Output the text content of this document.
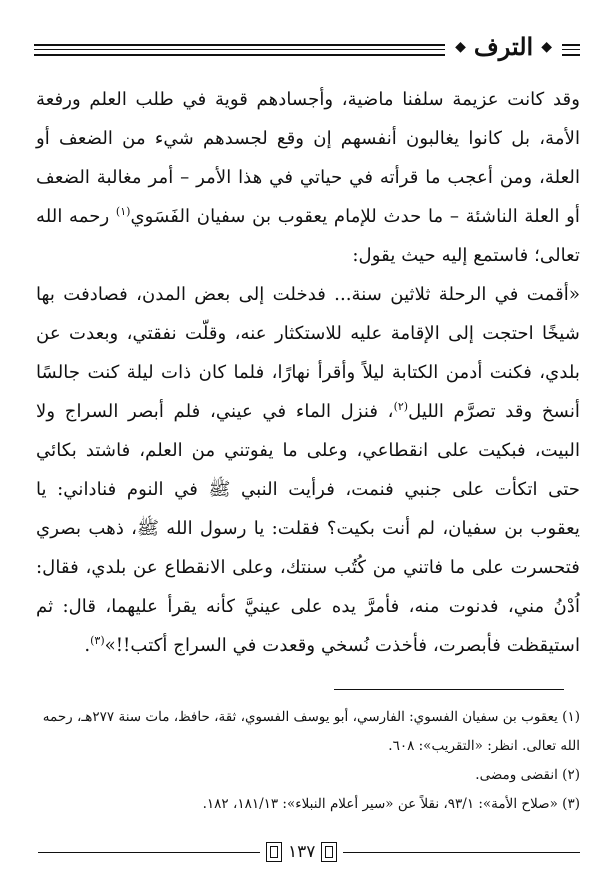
◆
الترف
◆

وقد كانت عزيمة سلفنا ماضية، وأجسادهم قوية في طلب العلم ورفعة الأمة، بل كانوا يغالبون أنفسهم إن وقع لجسدهم شيء من الضعف أو العلة، ومن أعجب ما قرأته في حياتي في هذا الأمر – أمر مغالبة الضعف أو العلة الناشئة – ما حدث للإمام يعقوب بن سفيان الفَسَوي$^{(١)}$ رحمه الله تعالى؛ فاستمع إليه حيث يقول:

«أقمت في الرحلة ثلاثين سنة... فدخلت إلى بعض المدن، فصادفت بها شيخًا احتجت إلى الإقامة عليه للاستكثار عنه، وقلّت نفقتي، وبعدت عن بلدي، فكنت أدمن الكتابة ليلاً وأقرأ نهارًا، فلما كان ذات ليلة كنت جالسًا أنسخ وقد تصرَّم الليل$^{(٢)}$، فنزل الماء في عيني، فلم أبصر السراج ولا البيت، فبكيت على انقطاعي، وعلى ما يفوتني من العلم، فاشتد بكائي حتى اتكأت على جنبي فنمت، فرأيت النبي ﷺ في النوم فناداني: يا يعقوب بن سفيان، لم أنت بكيت؟ فقلت: يا رسول الله ﷺ، ذهب بصري فتحسرت على ما فاتني من كُتُب سنتك، وعلى الانقطاع عن بلدي، فقال: اُدْنُ مني، فدنوت منه، فأمرَّ يده على عينيَّ كأنه يقرأ عليهما، قال: ثم استيقظت فأبصرت، فأخذت نُسخي وقعدت في السراج أكتب!!»$^{(٣)}$.

(١) يعقوب بن سفيان الفسوي: الفارسي، أبو يوسف الفسوي، ثقة، حافظ، مات سنة ٢٧٧هـ، رحمه الله تعالى. انظر: «التقريب»: ٦٠٨.

(٢) انقضى ومضى.

(٣) «صلاح الأمة»: ٩٣/١، نقلاً عن «سير أعلام النبلاء»: ١٨١/١٣، ١٨٢.

١٣٧
